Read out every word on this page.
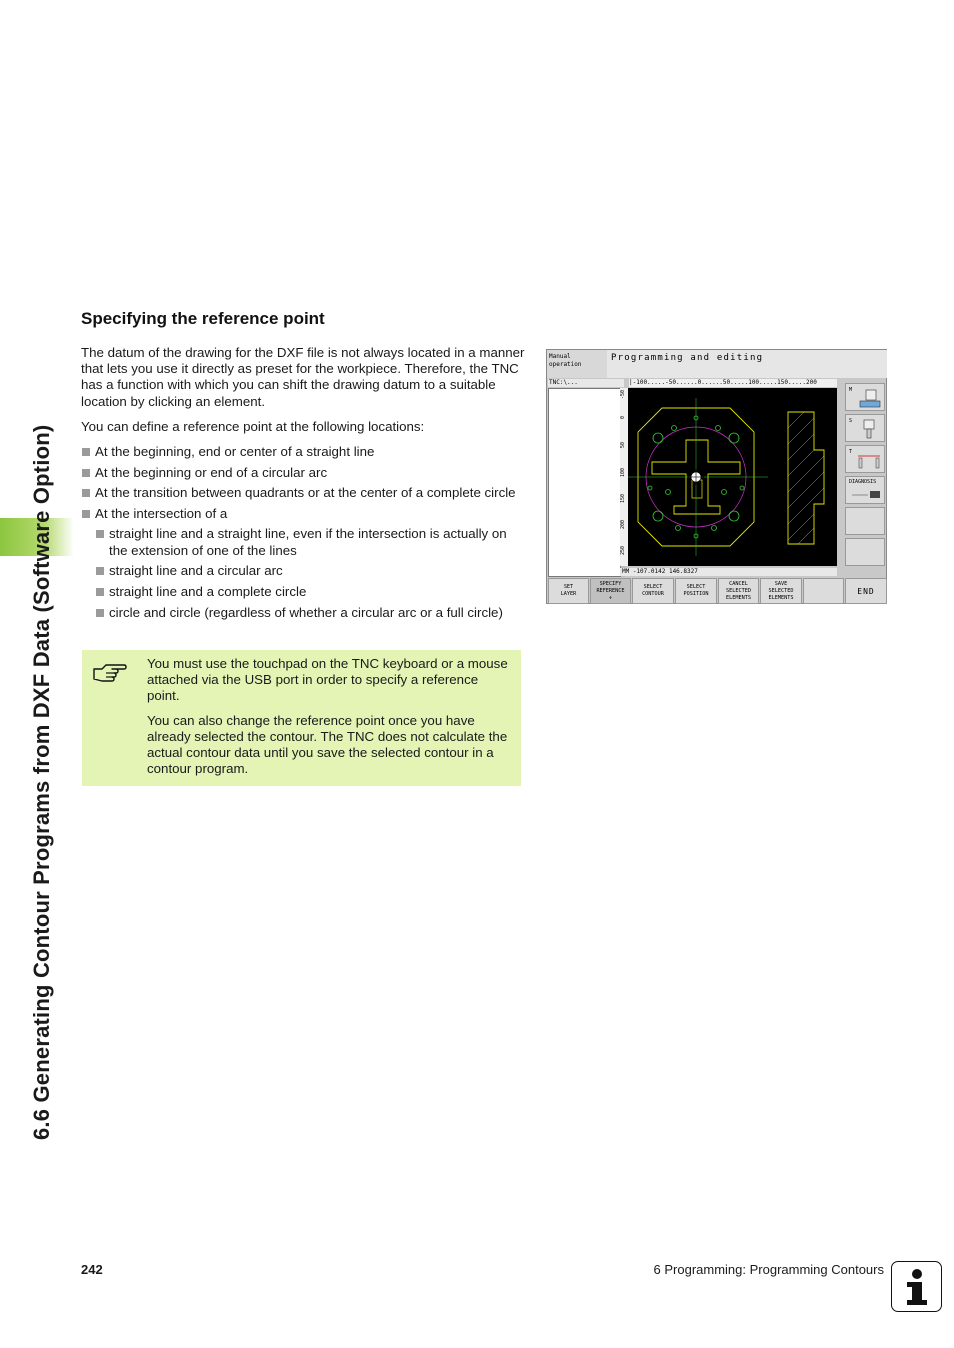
6.6 Generating Contour Programs from DXF Data (Software Option)
Specifying the reference point

The datum of the drawing for the DXF file is not always located in a manner that lets you use it directly as preset for the workpiece. Therefore, the TNC has a function with which you can shift the drawing datum to a suitable location by clicking an element.

You can define a reference point at the following locations:

At the beginning, end or center of a straight line
At the beginning or end of a circular arc
At the transition between quadrants or at the center of a complete circle
At the intersection of a
straight line and a straight line, even if the intersection is actually on the extension of one of the lines
straight line and a circular arc
straight line and a complete circle
circle and circle (regardless of whether a circular arc or a full circle)

You must use the touchpad on the TNC keyboard or a mouse attached via the USB port in order to specify a reference point.

You can also change the reference point once you have already selected the contour. The TNC does not calculate the actual contour data until you save the selected contour in a contour program.

Manual
operation
Programming and editing
TNC:\...	|-100.....-50......0......50.....100.....150.....200
-50
0
50
100
150
200
250
MM -107.0142 146.8327
M
S
T
DIAGNOSIS
SET
LAYER
SPECIFY
REFERENCE
✛
SELECT
CONTOUR
SELECT
POSITION
CANCEL
SELECTED
ELEMENTS
SAVE
SELECTED
ELEMENTS
END
242	6 Programming: Programming Contours
